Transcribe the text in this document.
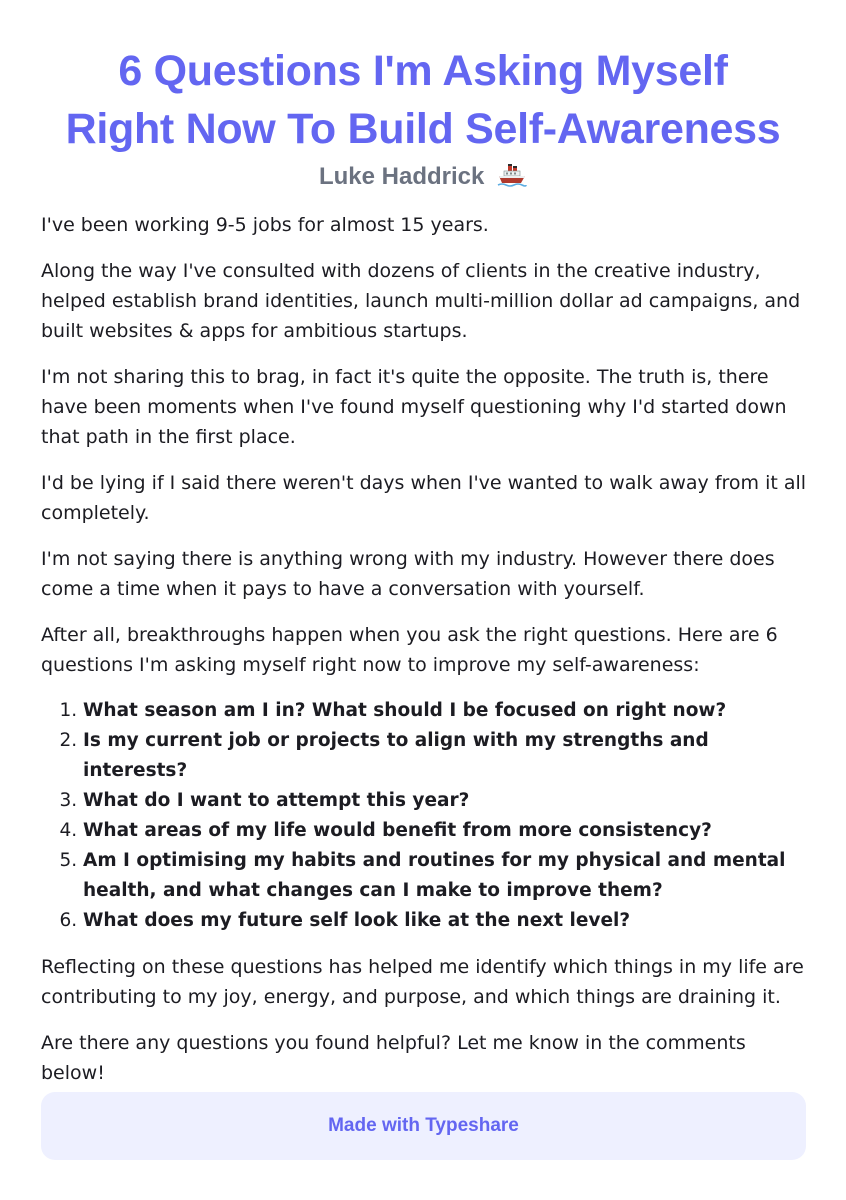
6 Questions I'm Asking Myself
Right Now To Build Self-Awareness
Luke Haddrick

I've been working 9-5 jobs for almost 15 years.

Along the way I've consulted with dozens of clients in the creative industry, helped establish brand identities, launch multi-million dollar ad campaigns, and built websites & apps for ambitious startups.

I'm not sharing this to brag, in fact it's quite the opposite. The truth is, there have been moments when I've found myself questioning why I'd started down that path in the first place.

I'd be lying if I said there weren't days when I've wanted to walk away from it all completely.

I'm not saying there is anything wrong with my industry. However there does come a time when it pays to have a conversation with yourself.

After all, breakthroughs happen when you ask the right questions. Here are 6 questions I'm asking myself right now to improve my self-awareness:

1. What season am I in? What should I be focused on right now?
2. Is my current job or projects to align with my strengths and interests?
3. What do I want to attempt this year?
4. What areas of my life would benefit from more consistency?
5. Am I optimising my habits and routines for my physical and mental health, and what changes can I make to improve them?
6. What does my future self look like at the next level?

Reflecting on these questions has helped me identify which things in my life are contributing to my joy, energy, and purpose, and which things are draining it.

Are there any questions you found helpful? Let me know in the comments below!

Made with Typeshare
